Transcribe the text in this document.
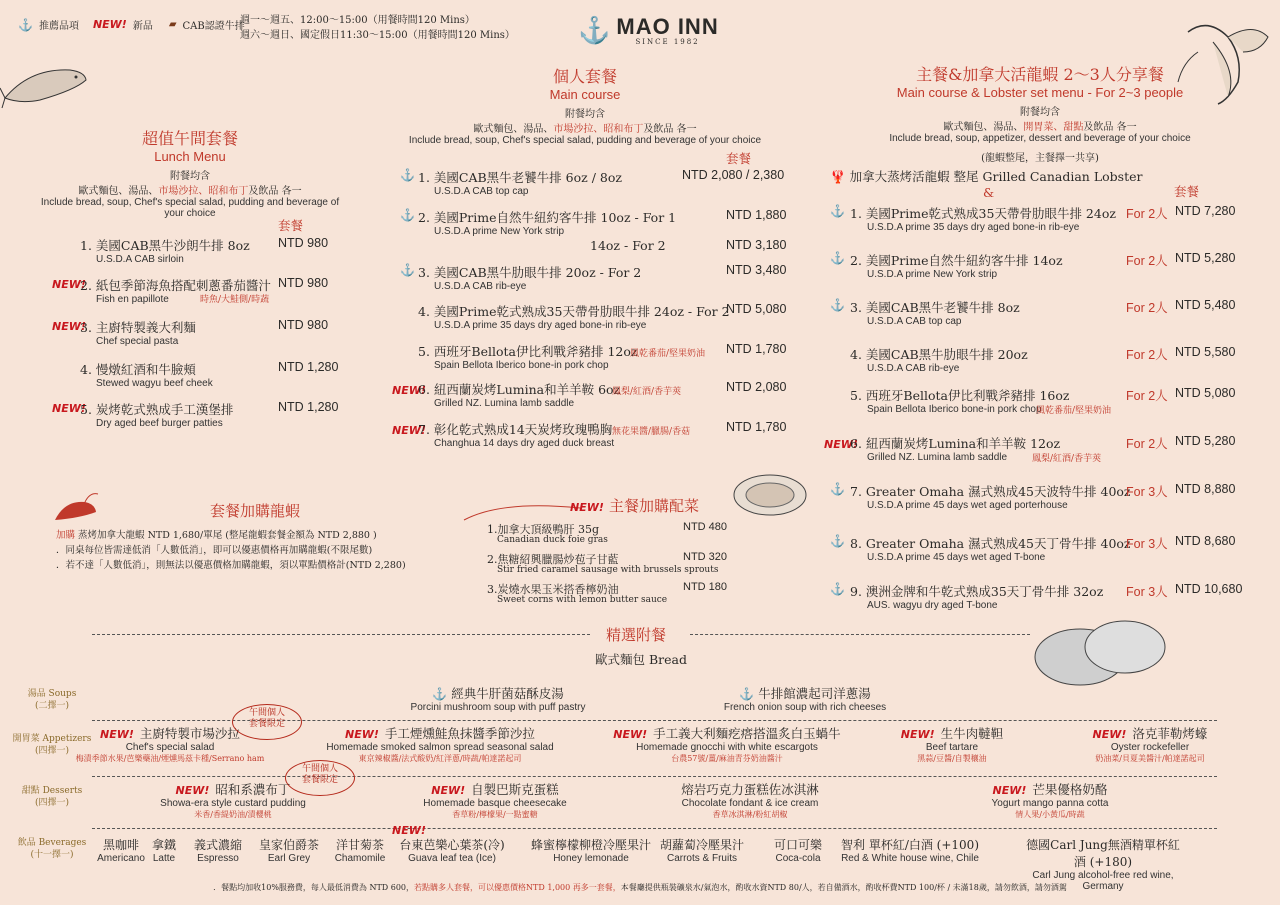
⚓ 推薦品項 NEW! 新品 ▰ CAB認證牛排
週一～週五、12:00～15:00（用餐時間120 Mins）
週六～週日、國定假日11:30～15:00（用餐時間120 Mins） ⚓ MAO INN
SINCE 1982
超值午間套餐
Lunch Menu
附餐均含
歐式麵包、湯品、市場沙拉、昭和布丁及飲品 各一
Include bread, soup, Chef's special salad, pudding and beverage of your choice
套餐
1. 美國CAB黑牛沙朗牛排 8oz
U.S.D.A CAB sirloin
NTD 980
NEW!
2. 紙包季節海魚搭配刺蔥番茄醬汁
Fish en papillote
NTD 980
時魚/大鮭側/時蔬
NEW!
3. 主廚特製義大利麵
Chef special pasta
NTD 980
4. 慢燉紅酒和牛臉頰
Stewed wagyu beef cheek
NTD 1,280
NEW!
5. 炭烤乾式熟成手工漢堡排
Dry aged beef burger patties
NTD 1,280
個人套餐
Main course
附餐均含
歐式麵包、湯品、市場沙拉、昭和布丁及飲品 各一
Include bread, soup, Chef's special salad, pudding and beverage of your choice
套餐
⚓ 1. 美國CAB黑牛老饕牛排 6oz / 8oz
U.S.D.A CAB top cap
NTD 2,080 / 2,380
⚓ 2. 美國Prime自然牛紐約客牛排 10oz - For 1
U.S.D.A prime New York strip
NTD 1,880
14oz - For 2	NTD 3,180
⚓ 3. 美國CAB黑牛肋眼牛排 20oz - For 2
U.S.D.A CAB rib-eye
NTD 3,480
4. 美國Prime乾式熟成35天帶骨肋眼牛排 24oz - For 2
U.S.D.A prime 35 days dry aged bone-in rib-eye
NTD 5,080
5. 西班牙Bellota伊比利戰斧豬排 12oz
Spain Bellota Iberico bone-in pork chop
風乾番茄/堅果奶油 NTD 1,780
NEW!
6. 紐西蘭炭烤Lumina和羊羊鞍 6oz
Grilled NZ. Lumina lamb saddle
鳳梨/紅酒/香芋莢	NTD 2,080
NEW!
7. 彰化乾式熟成14天炭烤玫瑰鴨胸
Changhua 14 days dry aged duck breast
無花果醬/臘腸/香菇	NTD 1,780
主餐&加拿大活龍蝦 2～3人分享餐
Main course & Lobster set menu - For 2~3 people
附餐均含
歐式麵包、湯品、開胃菜、甜點及飲品 各一
Include bread, soup, appetizer, dessert and beverage of your choice
(龍蝦整尾，主餐擇一共享)
🦞 加拿大蒸烤活龍蝦 整尾 Grilled Canadian Lobster
&	套餐
⚓ 1. 美國Prime乾式熟成35天帶骨肋眼牛排 24oz
U.S.D.A prime 35 days dry aged bone-in rib-eye
For 2人 NTD 7,280
⚓ 2. 美國Prime自然牛紐約客牛排 14oz
U.S.D.A prime New York strip
For 2人 NTD 5,280
⚓ 3. 美國CAB黑牛老饕牛排 8oz
U.S.D.A CAB top cap
For 2人 NTD 5,480
4. 美國CAB黑牛肋眼牛排 20oz
U.S.D.A CAB rib-eye
For 2人 NTD 5,580
5. 西班牙Bellota伊比利戰斧豬排 16oz
Spain Bellota Iberico bone-in pork chop
風乾番茄/堅果奶油
For 2人 NTD 5,080
NEW!
6. 紐西蘭炭烤Lumina和羊羊鞍 12oz
Grilled NZ. Lumina lamb saddle	鳳梨/紅酒/香芋莢
For 2人 NTD 5,280
⚓ 7. Greater Omaha 濕式熟成45天波特牛排 40oz
U.S.D.A prime 45 days wet aged porterhouse
For 3人 NTD 8,880
⚓ 8. Greater Omaha 濕式熟成45天丁骨牛排 40oz
U.S.D.A prime 45 days wet aged T-bone
For 3人 NTD 8,680
⚓ 9. 澳洲金牌和牛乾式熟成35天丁骨牛排 32oz
AUS. wagyu dry aged T-bone
For 3人 NTD 10,680
套餐加購龍蝦
加購 蒸烤加拿大龍蝦 NTD 1,680/單尾 (整尾龍蝦套餐金額為 NTD 2,880 )
．同桌每位皆需達低消「人數低消」，即可以優惠價格再加購龍蝦(不限尾數)
．若不達「人數低消」，則無法以優惠價格加購龍蝦，須以單點價格計(NTD 2,280)
NEW! 主餐加購配菜
1.加拿大頂級鴨肝 35g
Canadian duck foie gras
NTD 480
2.焦糖紹興臘腸炒苞子甘藍
Stir fried caramel sausage with brussels sprouts
NTD 320
3.炭燒水果玉米搭香檸奶油
Sweet corns with lemon butter sauce
NTD 180
精選附餐
歐式麵包 Bread
湯品 Soups
(二擇一)
開胃菜 Appetizers
(四擇一)
甜點 Desserts
(四擇一)
飲品 Beverages
(十一擇一)
⚓ 經典牛肝菌菇酥皮湯
Porcini mushroom soup with puff pastry
⚓ 牛排館濃起司洋蔥湯
French onion soup with rich cheeses
NEW! 主廚特製市場沙拉
Chef's special salad
梅漬季節水果/芭樂藥油/煙燻馬茲卡種/Serrano ham
NEW! 手工煙燻鮭魚抹醬季節沙拉
Homemade smoked salmon spread seasonal salad
東京辣椒醬/法式酸奶/紅洋蔥/時蔬/帕達諾起司
NEW! 手工義大利麵疙瘩搭溫炙白玉蝸牛
Homemade gnocchi with white escargots
台農57號/薑/麻油青芬奶油醬汁
NEW! 生牛肉韃靼
Beef tartare
黑蒜/豆醬/自製穰油
NEW! 洛克菲勒烤蠔
Oyster rockefeller
奶油菜/貝夏美醬汁/帕達諾起司
NEW! 昭和系濃布丁
Showa-era style custard pudding
米香/香緹奶油/漬櫻桃
NEW! 自製巴斯克蛋糕
Homemade basque cheesecake
香草粉/檸檬果/一點蜜糖
熔岩巧克力蛋糕佐冰淇淋
Chocolate fondant & ice cream
香草冰淇淋/粉紅胡椒
NEW! 芒果優格奶酪
Yogurt mango panna cotta
情人果/小黃瓜/時蔬
黑咖啡
Americano
拿鐵
Latte
義式濃縮
Espresso
皇家伯爵茶
Earl Grey
洋甘菊茶
Chamomile
台東芭樂心葉茶(冷)
Guava leaf tea (Ice)
蜂蜜檸檬柳橙冷壓果汁
Honey lemonade
胡蘿蔔冷壓果汁
Carrots & Fruits
可口可樂
Coca-cola
智利 單杯紅/白酒 (+100)
Red & White house wine, Chile
德國Carl Jung無酒精單杯紅酒 (+180)
Carl Jung alcohol-free red wine, Germany
NEW!
午間個人
套餐限定
午間個人
套餐限定
．餐點均加收10%服務費，每人最低消費為 NTD 600，若點購多人套餐，可以優惠價格NTD 1,000 再多一套餐，本餐廳提供瓶裝礦泉水/氣泡水，酌收水資NTD 80/人，若自備酒水，酌收杯費NTD 100/杯 / 未滿18歲，請勿飲酒，請勿酒駕
